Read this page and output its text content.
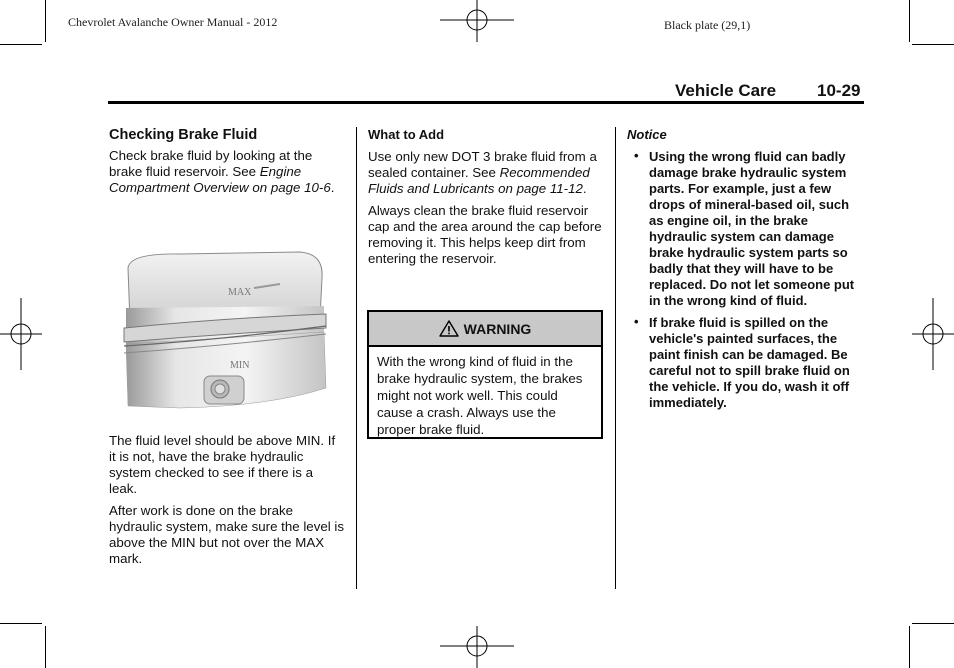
Chevrolet Avalanche Owner Manual - 2012	Black plate (29,1)
Vehicle Care 10-29
Checking Brake Fluid

Check brake fluid by looking at the brake fluid reservoir. See Engine Compartment Overview on page 10-6.

MAX
MIN

The fluid level should be above MIN. If it is not, have the brake hydraulic system checked to see if there is a leak.

After work is done on the brake hydraulic system, make sure the level is above the MIN but not over the MAX mark.

What to Add

Use only new DOT 3 brake fluid from a sealed container. See Recommended Fluids and Lubricants on page 11-12.

Always clean the brake fluid reservoir cap and the area around the cap before removing it. This helps keep dirt from entering the reservoir.

WARNING
With the wrong kind of fluid in the brake hydraulic system, the brakes might not work well. This could cause a crash. Always use the proper brake fluid.
Notice
• Using the wrong fluid can badly damage brake hydraulic system parts. For example, just a few drops of mineral-based oil, such as engine oil, in the brake hydraulic system can damage brake hydraulic system parts so badly that they will have to be replaced. Do not let someone put in the wrong kind of fluid.
• If brake fluid is spilled on the vehicle's painted surfaces, the paint finish can be damaged. Be careful not to spill brake fluid on the vehicle. If you do, wash it off immediately.
